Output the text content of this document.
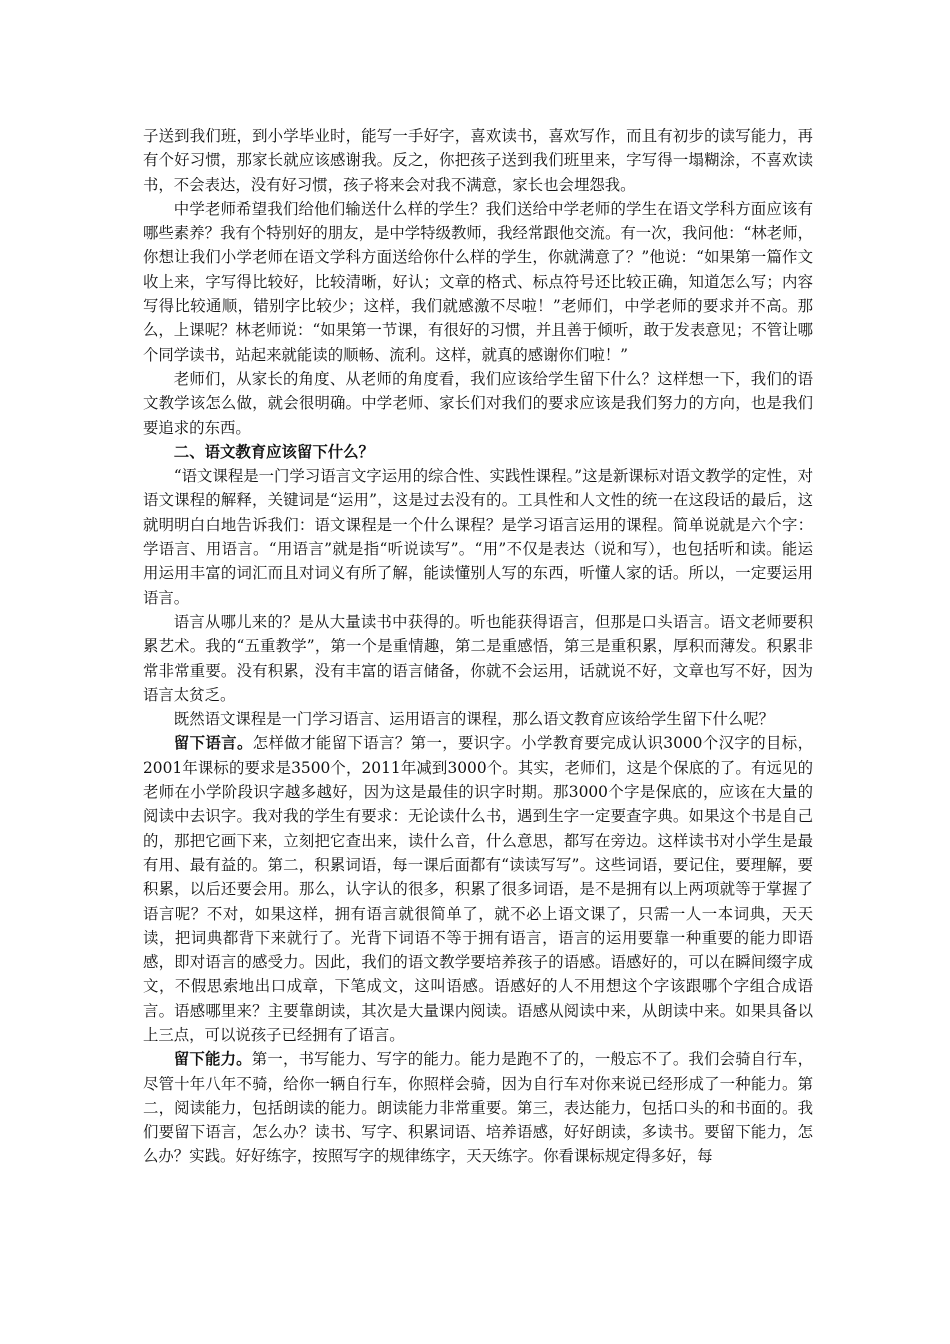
子送到我们班，到小学毕业时，能写一手好字，喜欢读书，喜欢写作，而且有初步的读写能力，再有个好习惯，那家长就应该感谢我。反之，你把孩子送到我们班里来，字写得一塌糊涂，不喜欢读书，不会表达，没有好习惯，孩子将来会对我不满意，家长也会埋怨我。

中学老师希望我们给他们输送什么样的学生？我们送给中学老师的学生在语文学科方面应该有哪些素养？我有个特别好的朋友，是中学特级教师，我经常跟他交流。有一次，我问他：“林老师，你想让我们小学老师在语文学科方面送给你什么样的学生，你就满意了？”他说：“如果第一篇作文收上来，字写得比较好，比较清晰，好认；文章的格式、标点符号还比较正确，知道怎么写；内容写得比较通顺，错别字比较少；这样，我们就感激不尽啦！”老师们，中学老师的要求并不高。那么，上课呢？林老师说：“如果第一节课，有很好的习惯，并且善于倾听，敢于发表意见；不管让哪个同学读书，站起来就能读的顺畅、流利。这样，就真的感谢你们啦！”

老师们，从家长的角度、从老师的角度看，我们应该给学生留下什么？这样想一下，我们的语文教学该怎么做，就会很明确。中学老师、家长们对我们的要求应该是我们努力的方向，也是我们要追求的东西。

二、语文教育应该留下什么？

“语文课程是一门学习语言文字运用的综合性、实践性课程。”这是新课标对语文教学的定性，对语文课程的解释，关键词是“运用”，这是过去没有的。工具性和人文性的统一在这段话的最后，这就明明白白地告诉我们：语文课程是一个什么课程？是学习语言运用的课程。简单说就是六个字：学语言、用语言。“用语言”就是指“听说读写”。“用”不仅是表达（说和写），也包括听和读。能运用运用丰富的词汇而且对词义有所了解，能读懂别人写的东西，听懂人家的话。所以，一定要运用语言。

语言从哪儿来的？是从大量读书中获得的。听也能获得语言，但那是口头语言。语文老师要积累艺术。我的“五重教学”，第一个是重情趣，第二是重感悟，第三是重积累，厚积而薄发。积累非常非常重要。没有积累，没有丰富的语言储备，你就不会运用，话就说不好，文章也写不好，因为语言太贫乏。

既然语文课程是一门学习语言、运用语言的课程，那么语文教育应该给学生留下什么呢？

留下语言。怎样做才能留下语言？第一，要识字。小学教育要完成认识3000个汉字的目标，2001年课标的要求是3500个，2011年减到3000个。其实，老师们，这是个保底的了。有远见的老师在小学阶段识字越多越好，因为这是最佳的识字时期。那3000个字是保底的，应该在大量的阅读中去识字。我对我的学生有要求：无论读什么书，遇到生字一定要查字典。如果这个书是自己的，那把它画下来，立刻把它查出来，读什么音，什么意思，都写在旁边。这样读书对小学生是最有用、最有益的。第二，积累词语，每一课后面都有“读读写写”。这些词语，要记住，要理解，要积累，以后还要会用。那么，认字认的很多，积累了很多词语，是不是拥有以上两项就等于掌握了语言呢？不对，如果这样，拥有语言就很简单了，就不必上语文课了，只需一人一本词典，天天读，把词典都背下来就行了。光背下词语不等于拥有语言，语言的运用要靠一种重要的能力即语感，即对语言的感受力。因此，我们的语文教学要培养孩子的语感。语感好的，可以在瞬间缀字成文，不假思索地出口成章，下笔成文，这叫语感。语感好的人不用想这个字该跟哪个字组合成语言。语感哪里来？主要靠朗读，其次是大量课内阅读。语感从阅读中来，从朗读中来。如果具备以上三点，可以说孩子已经拥有了语言。

留下能力。第一，书写能力、写字的能力。能力是跑不了的，一般忘不了。我们会骑自行车，尽管十年八年不骑，给你一辆自行车，你照样会骑，因为自行车对你来说已经形成了一种能力。第二，阅读能力，包括朗读的能力。朗读能力非常重要。第三，表达能力，包括口头的和书面的。我们要留下语言，怎么办？读书、写字、积累词语、培养语感，好好朗读，多读书。要留下能力，怎么办？实践。好好练字，按照写字的规律练字，天天练字。你看课标规定得多好，每
